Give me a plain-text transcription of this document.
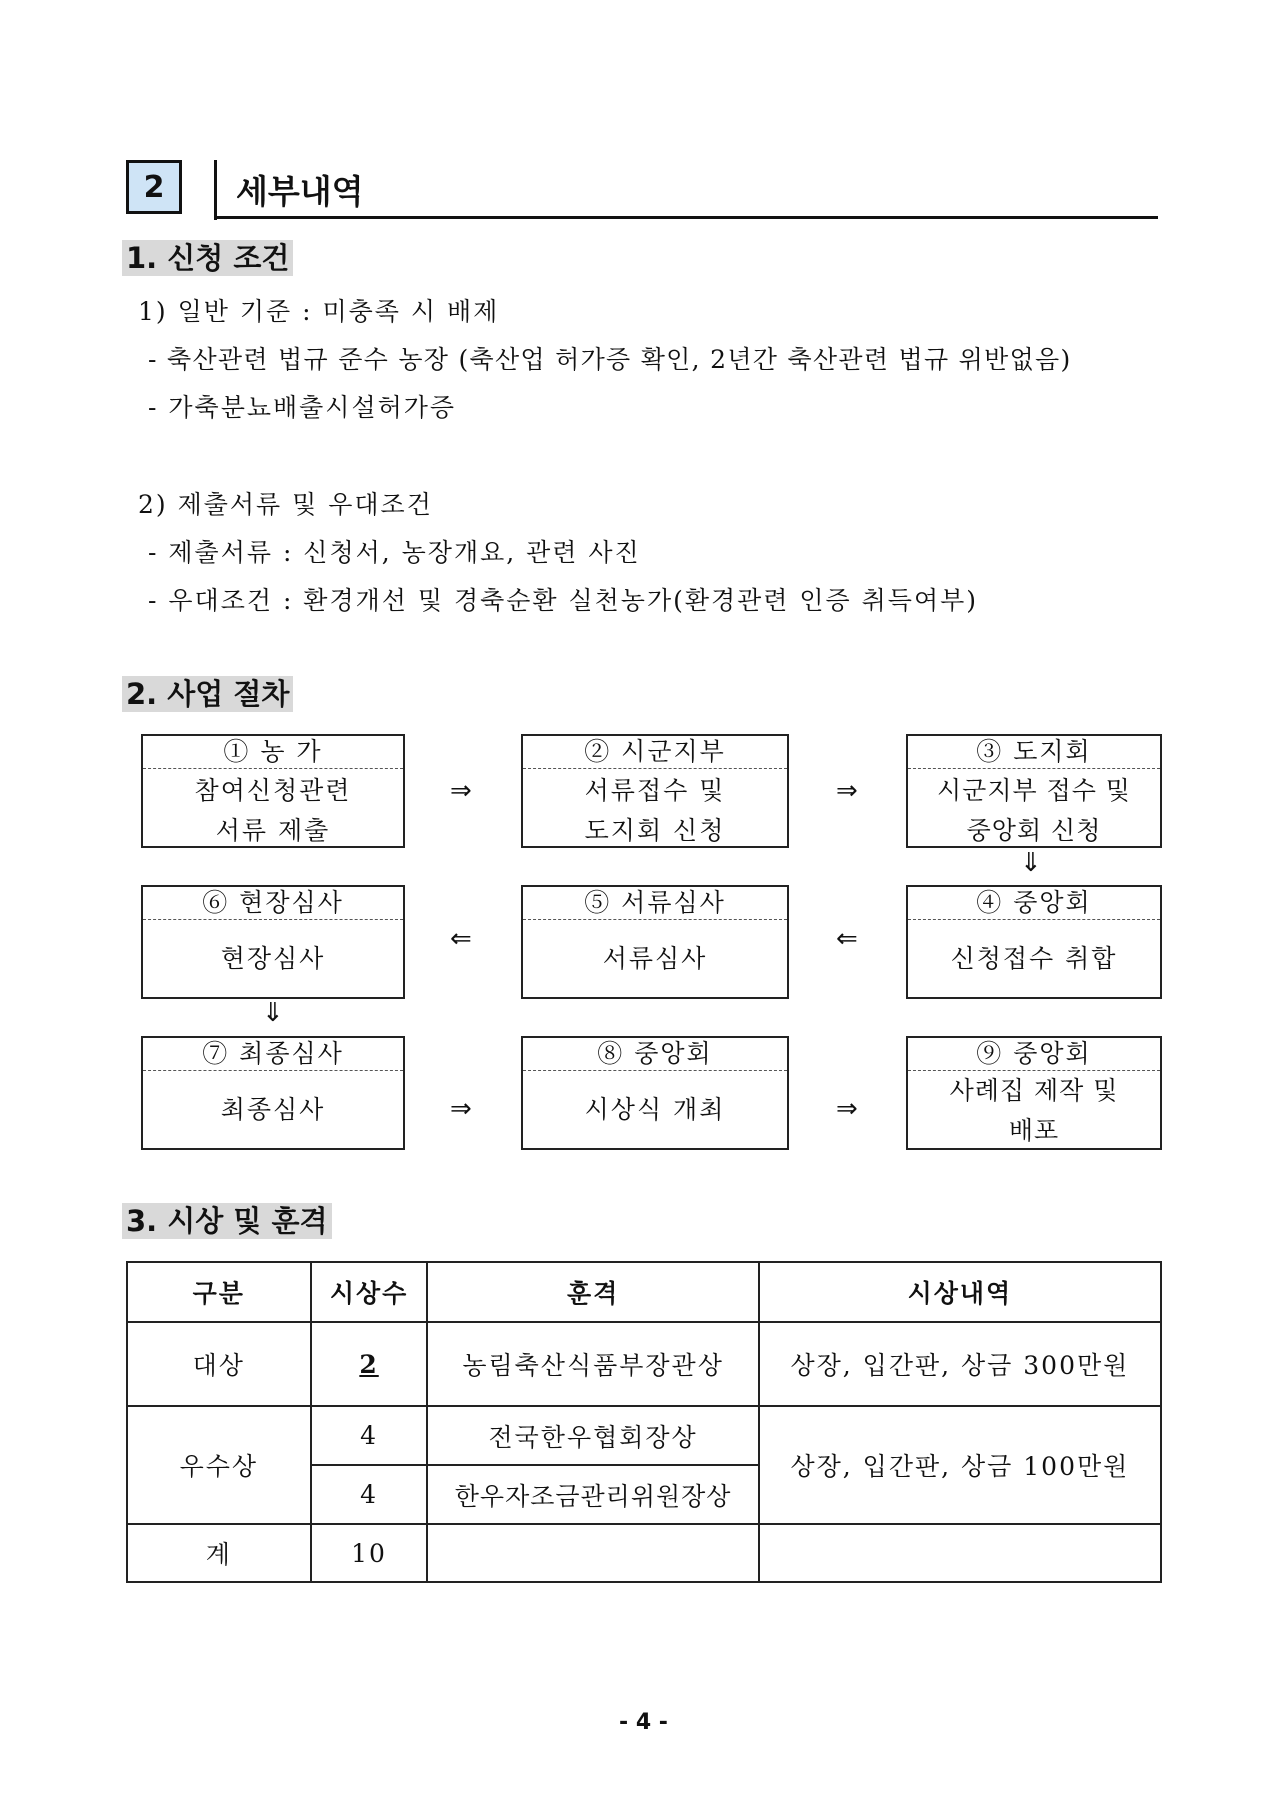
2 세부내역
1. 신청 조건
1) 일반 기준 : 미충족 시 배제
- 축산관련 법규 준수 농장 (축산업 허가증 확인, 2년간 축산관련 법규 위반없음)
- 가축분뇨배출시설허가증
2) 제출서류 및 우대조건
- 제출서류 : 신청서, 농장개요, 관련 사진
- 우대조건 : 환경개선 및 경축순환 실천농가(환경관련 인증 취득여부)
2. 사업 절차
① 농 가
참여신청관련
서류 제출
⇒
② 시군지부
서류접수 및
도지회 신청
⇒
③ 도지회
시군지부 접수 및
중앙회 신청
⇓
⑥ 현장심사
현장심사
⇐
⑤ 서류심사
서류심사
⇐
④ 중앙회
신청접수 취합
⇓
⑦ 최종심사
최종심사	⇒
⑧ 중앙회
시상식 개최	⇒
⑨ 중앙회
사례집 제작 및
배포
3. 시상 및 훈격
구분	시상수	훈격	시상내역
대상	2	농림축산식품부장관상	상장, 입간판, 상금 300만원
우수상	4	전국한우협회장상	상장, 입간판, 상금 100만원
	4	한우자조금관리위원장상	
계	10		
- 4 -
